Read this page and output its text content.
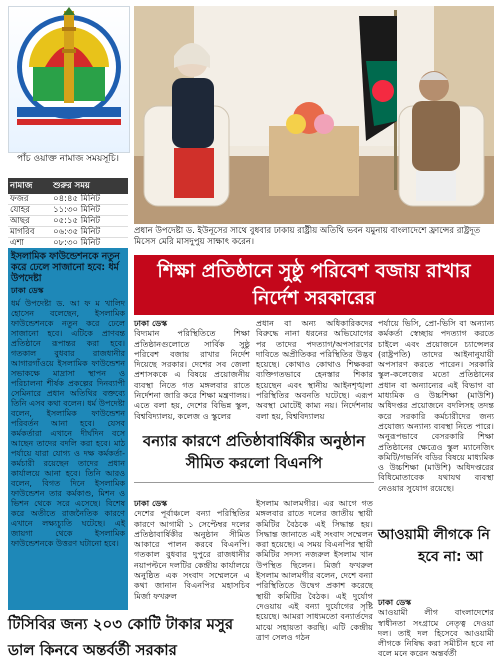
পাঁচ ওয়াক্ত নামাজ সময়সূচি।
নামাজ	শুরুর সময়
ফজর	০৪:৪৫ মিনিট
যোহর	১১:৩০ মিনিট
আছর	০৫:১৫ মিনিট
মাগরিব	০৬:৩৫ মিনিট
এশা	০৮:৩০ মিনিট
ইসলামিক ফাউন্ডেশনকে নতুন করে ঢেলে সাজানো হবে: ধর্ম উপদেষ্টা
ঢাকা ডেস্ক
ধর্ম উপদেষ্টা ড. আ ফ ম খালিদ হোসেন বলেছেন, ইসলামিক ফাউন্ডেশনকে নতুন করে ঢেলে সাজানো হবে। এটিকে প্রাণবন্ত প্রতিষ্ঠানে রূপান্তর করা হবে। গতকাল বুধবার রাজধানীর আগারগাঁওয়ে ইসলামিক ফাউন্ডেশন সভাকক্ষে মাদ্রাসা স্থাপন ও পরিচালনা শীর্ষক প্রকল্পের দিনব্যাপী সেমিনারে প্রধান অতিথির বক্তব্যে তিনি এসব কথা বলেন। ধর্ম উপদেষ্টা বলেন, ইসলামিক ফাউন্ডেশন পরিবর্তন আনা হবে। যেসব কর্মকর্তারা এখানে দীর্ঘদিন বসে আছেন তাদের বদলি করা হবে। মাঠ পর্যায়ে যারা যোগ্য ও দক্ষ কর্মকর্তা-কর্মচারী রয়েছেন তাদের প্রধান কার্যালয়ে আনা হবে। তিনি আরও বলেন, বিগত দিনে ইসলামিক ফাউন্ডেশন তার কর্মকাণ্ড, মিশন ও ভিশন থেকে সরে এসেছে। বিশেষ করে অতীতে রাজনৈতিক কারণে এখানে লক্ষ্যচ্যুতি ঘটেছে। এই জায়গা থেকে ইসলামিক ফাউন্ডেশনকে উত্তরণ ঘটানো হবে।
প্রধান উপদেষ্টা ড. ইউনূসের সাথে বুধবার ঢাকায় রাষ্ট্রীয় অতিথি ভবন যমুনায় বাংলাদেশে ফ্রান্সের রাষ্ট্রদূত মিসেস মেরি মাসদুপুয় সাক্ষাৎ করেন।
শিক্ষা প্রতিষ্ঠানে সুষ্ঠু পরিবেশ বজায় রাখার নির্দেশ সরকারের
ঢাকা ডেস্ক
বিদ্যমান পরিস্থিতিতে শিক্ষা প্রতিষ্ঠানগুলোতে সার্বিক সুষ্ঠু পরিবেশ বজায় রাখার নির্দেশ দিয়েছে সরকার। দেশের সব জেলা প্রশাসককে এ বিষয়ে প্রয়োজনীয় ব্যবস্থা নিতে গত মঙ্গলবার রাতে নির্দেশনা জারি করে শিক্ষা মন্ত্রণালয়। এতে বলা হয়, দেশের বিভিন্ন স্কুল, বিশ্ববিদ্যালয়, কলেজ ও স্কুলের
প্রধান বা অন্য অধিকারিকদের বিরুদ্ধে নানা ধরনের অভিযোগের পর তাদের পদত্যাগ/অপসারণের দাবিতে অপ্রীতিকর পরিস্থিতির উদ্ভব হয়েছে। কোথাও কোথাও শিক্ষকরা ব্যক্তিগতভাবে হেনস্তার শিকার হয়েছেন এবং স্থানীয় আইনশৃঙ্খলা পরিস্থিতির অবনতি ঘটেছে। এরূপ অবস্থা মোটেই কাম্য নয়। নির্দেশনায় বলা হয়, বিশ্ববিদ্যালয়
পর্যায়ে ভিসি, প্রো-ভিসি বা অন্যান্য কর্মকর্তা স্বেচ্ছায় পদত্যাগ করতে চাইলে এবং প্রয়োজনে চ্যান্সেলর (রাষ্ট্রপতি) তাদের আইনানুযায়ী অপসারণ করতে পারেন। সরকারি স্কুল-কলেজের মতো প্রতিষ্ঠানের প্রধান বা অন্যান্যের এই বিভাগ বা মাধ্যমিক ও উচ্চশিক্ষা (মাউশি) অধিদপ্তর প্রয়োজনে বদলিসহ তদন্ত করে সরকারি কর্মচারীদের জন্য প্রযোজ্য অন্যান্য ব্যবস্থা নিতে পারে। অনুরূপভাবে বেসরকারি শিক্ষা প্রতিষ্ঠানের ক্ষেত্রেও স্কুল ম্যানেজিং কমিটি/গভর্নিং বডির বিষয়ে মাধ্যমিক ও উচ্চশিক্ষা (মাউশি) অধিদপ্তরের বিধিমোতাবেক যথাযথ ব্যবস্থা নেওয়ার সুযোগ রয়েছে।
বন্যার কারণে প্রতিষ্ঠাবার্ষিকীর অনুষ্ঠান সীমিত করলো বিএনপি
ঢাকা ডেস্ক
দেশের পূর্বাঞ্চলে বন্যা পরিস্থিতির কারণে আগামী ১ সেপ্টেম্বর দলের প্রতিষ্ঠাবার্ষিকীর অনুষ্ঠান সীমিত আকারে পালন করবে বিএনপি। গতকাল বুধবার দুপুরে রাজধানীর নয়াপল্টনে দলটির কেন্দ্রীয় কার্যালয়ে অনুষ্ঠিত এক সংবাদ সম্মেলনে এ কথা জানান বিএনপির মহাসচিব মির্জা ফখরুল
ইসলাম আলমগীর। এর আগে গত মঙ্গলবার রাতে দলের জাতীয় স্থায়ী কমিটির বৈঠকে এই সিদ্ধান্ত হয়। সিদ্ধান্ত জানাতে এই সংবাদ সম্মেলন করা হয়েছে। এ সময় বিএনপির স্থায়ী কমিটির সদস্য নজরুল ইসলাম খান উপস্থিত ছিলেন। মির্জা ফখরুল ইসলাম আলমগীর বলেন, দেশে বন্যা পরিস্থিতিতে উদ্বেগ প্রকাশ করেছে স্থায়ী কমিটির বৈঠক। এই দুর্যোগ দেওয়ায় এই বন্যা দুর্যোগের সৃষ্টি হয়েছে। আমরা সাধ্যমতো বন্যার্তদের মাঝে সহায়তা করছি। এটি কেন্দ্রীয় ত্রাণ সেলও গঠন
আওয়ামী লীগকে নি
হবে না: আ
ঢাকা ডেস্ক
আওয়ামী লীগ বাংলাদেশের স্বাধীনতা সংগ্রামে নেতৃত্ব দেওয়া দল। তাই দল হিসেবে আওয়ামী লীগকে নিষিদ্ধ করা সমীচীন হবে না বলে মনে করেন অন্তর্বর্তী
টিসিবির জন্য ২০৩ কোটি টাকার মসুর
ডাল কিনবে অন্তর্বর্তী সরকার
